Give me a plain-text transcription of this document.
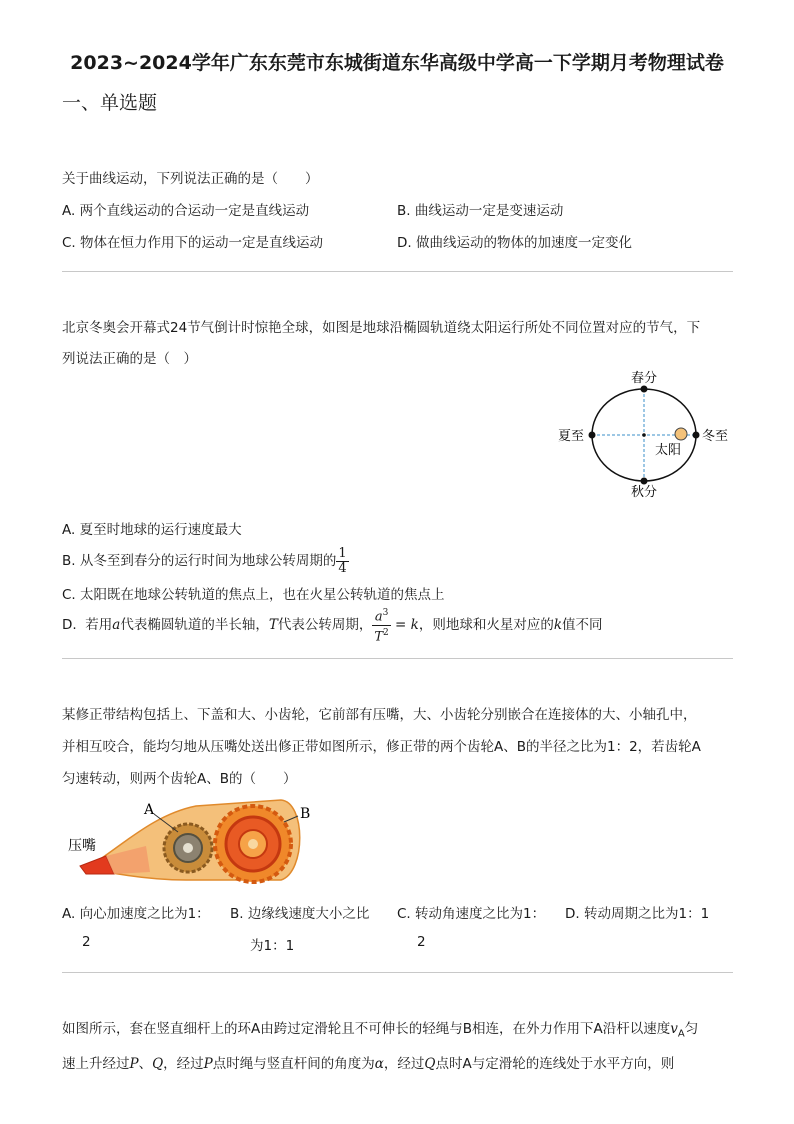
2023~2024学年广东东莞市东城街道东华高级中学高一下学期月考物理试卷
一、单选题
关于曲线运动，下列说法正确的是（　　）
A. 两个直线运动的合运动一定是直线运动	B. 曲线运动一定是变速运动
C. 物体在恒力作用下的运动一定是直线运动	D. 做曲线运动的物体的加速度一定变化
北京冬奥会开幕式24节气倒计时惊艳全球，如图是地球沿椭圆轨道绕太阳运行所处不同位置对应的节气，下
列说法正确的是（　）
春分
秋分
夏至	冬至
太阳
A. 夏至时地球的运行速度最大
B. 从冬至到春分的运行时间为地球公转周期的 $\frac{1}{4}$
C. 太阳既在地球公转轨道的焦点上，也在火星公转轨道的焦点上
D. 若用a代表椭圆轨道的半长轴，T代表公转周期， $\frac{a^3}{T^2} = k$，则地球和火星对应的k值不同
某修正带结构包括上、下盖和大、小齿轮，它前部有压嘴，大、小齿轮分别嵌合在连接体的大、小轴孔中，
并相互咬合，能均匀地从压嘴处送出修正带如图所示，修正带的两个齿轮A、B的半径之比为1：2，若齿轮A
匀速转动，则两个齿轮A、B的（　　）
A	B
压嘴
A. 向心加速度之比为1：
2
B. 边缘线速度大小之比
为1：1
C. 转动角速度之比为1：
2
D. 转动周期之比为1：1
如图所示，套在竖直细杆上的环A由跨过定滑轮且不可伸长的轻绳与B相连，在外力作用下A沿杆以速度$v_A$匀
速上升经过P、Q，经过P点时绳与竖直杆间的角度为α，经过Q点时A与定滑轮的连线处于水平方向，则
